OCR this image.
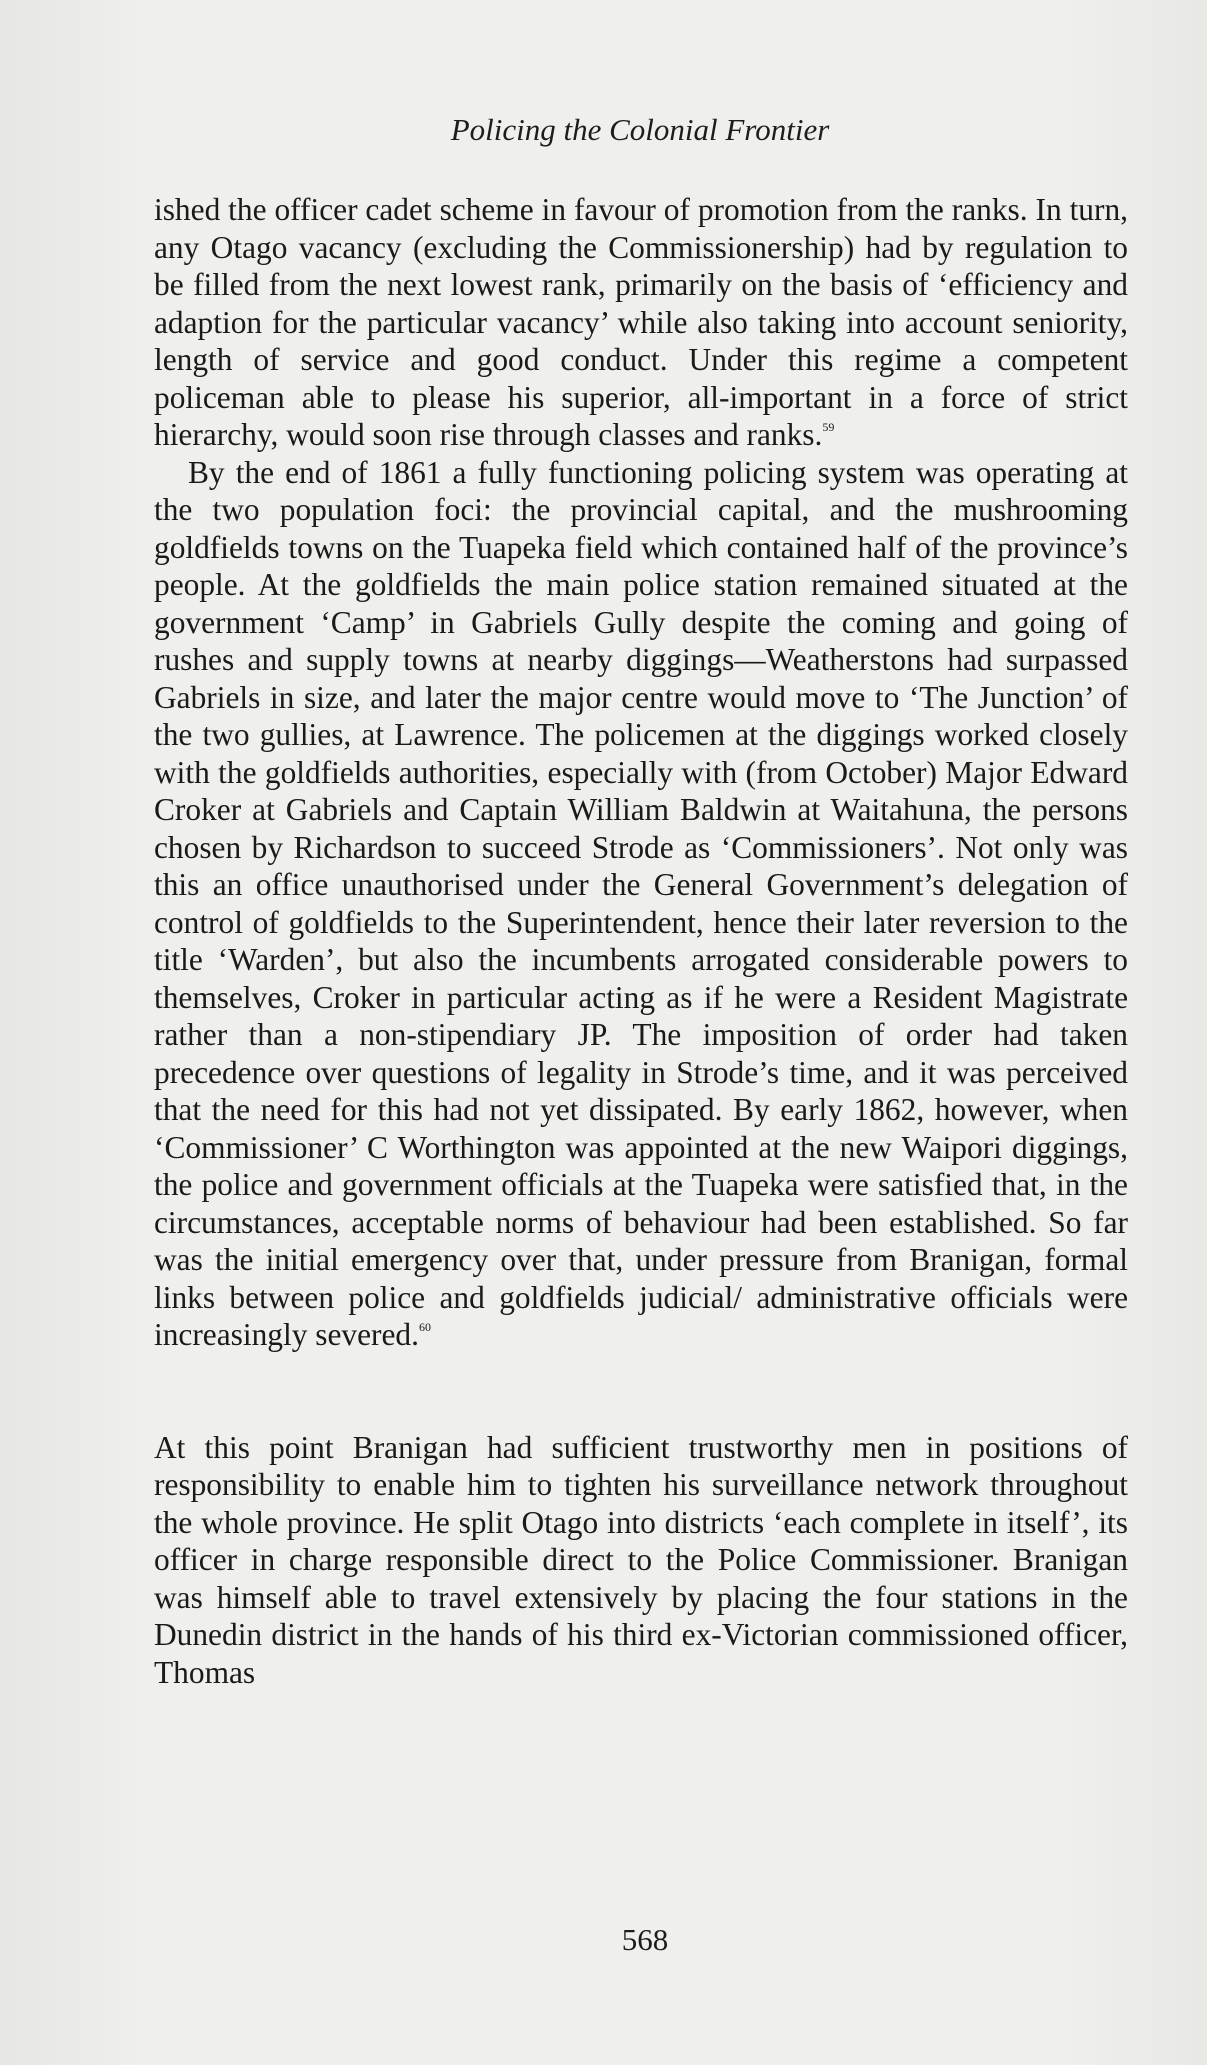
Policing the Colonial Frontier

ished the officer cadet scheme in favour of promotion from the ranks. In turn, any Otago vacancy (excluding the Commissionership) had by regulation to be filled from the next lowest rank, primarily on the basis of ‘efficiency and adaption for the particular vacancy’ while also taking into account seniority, length of service and good conduct. Under this regime a competent policeman able to please his superior, all-important in a force of strict hierarchy, would soon rise through classes and ranks.$^{59}$

By the end of 1861 a fully functioning policing system was operating at the two population foci: the provincial capital, and the mushrooming goldfields towns on the Tuapeka field which contained half of the province’s people. At the goldfields the main police station remained situated at the government ‘Camp’ in Gabriels Gully despite the coming and going of rushes and supply towns at nearby diggings—Weatherstons had surpassed Gabriels in size, and later the major centre would move to ‘The Junction’ of the two gullies, at Lawrence. The policemen at the diggings worked closely with the goldfields authorities, especially with (from October) Major Edward Croker at Gabriels and Captain William Baldwin at Waitahuna, the persons chosen by Richardson to succeed Strode as ‘Commissioners’. Not only was this an office unauthorised under the General Government’s delegation of control of goldfields to the Superintendent, hence their later reversion to the title ‘Warden’, but also the incumbents arrogated considerable powers to themselves, Croker in particular acting as if he were a Resident Magistrate rather than a non-stipendiary JP. The imposition of order had taken precedence over questions of legality in Strode’s time, and it was perceived that the need for this had not yet dissipated. By early 1862, however, when ‘Commissioner’ C Worthington was appointed at the new Waipori diggings, the police and government officials at the Tuapeka were satisfied that, in the circumstances, acceptable norms of behaviour had been established. So far was the initial emergency over that, under pressure from Branigan, formal links between police and goldfields judicial/ administrative officials were increasingly severed.$^{60}$

At this point Branigan had sufficient trustworthy men in positions of responsibility to enable him to tighten his surveillance network throughout the whole province. He split Otago into districts ‘each complete in itself’, its officer in charge responsible direct to the Police Commissioner. Branigan was himself able to travel extensively by placing the four stations in the Dunedin district in the hands of his third ex-Victorian commissioned officer, Thomas

568
